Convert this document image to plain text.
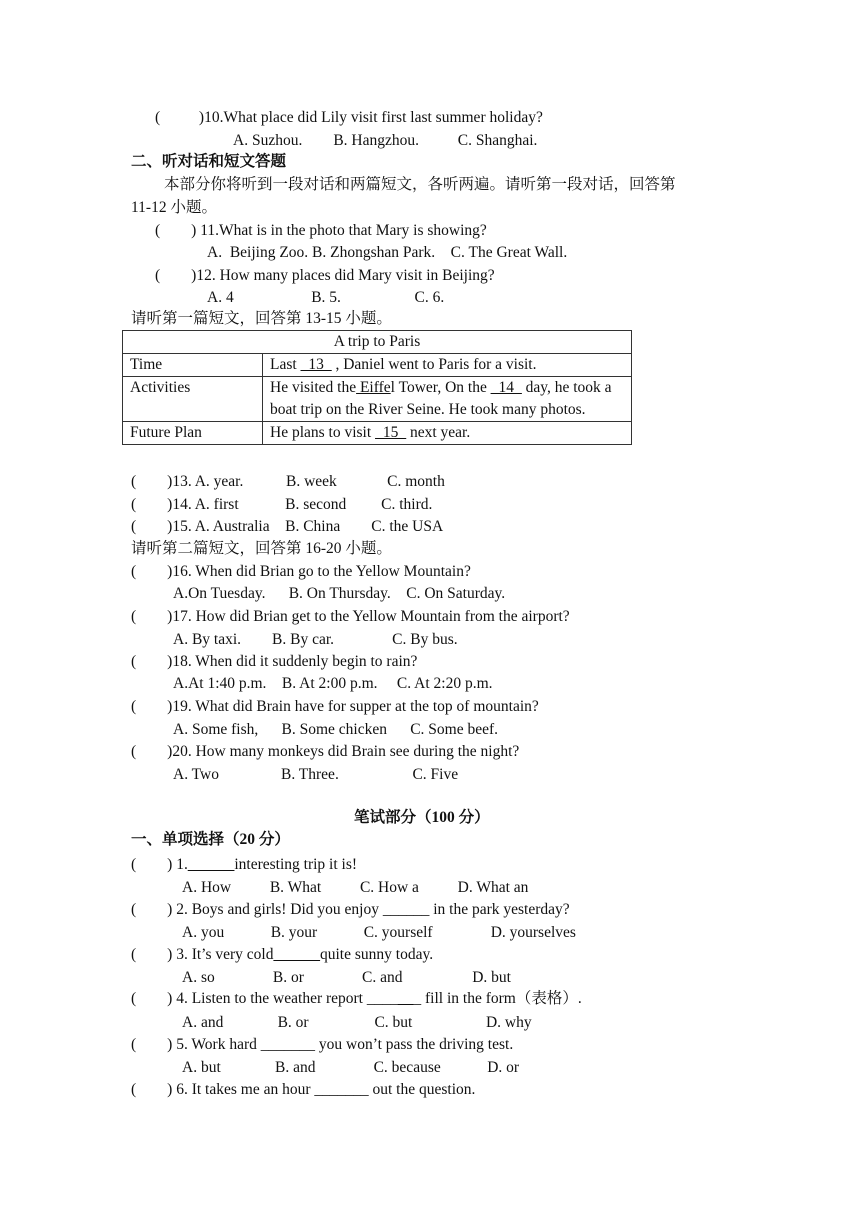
(          )10.What place did Lily visit first last summer holiday?
A. Suzhou.        B. Hangzhou.          C. Shanghai.
二、听对话和短文答题
本部分你将听到一段对话和两篇短文，各听两遍。请听第一段对话，回答第
11-12 小题。
(        ) 11.What is in the photo that Mary is showing?
A.  Beijing Zoo. B. Zhongshan Park.    C. The Great Wall.
(        )12. How many places did Mary visit in Beijing?
A. 4                    B. 5.                   C. 6.
请听第一篇短文，回答第 13-15 小题。
A trip to Paris	
Time	Last _13_ , Daniel went to Paris for a visit.
Activities	He visited the Eiffel Tower, On the _14_ day, he took a boat trip on the River Seine. He took many photos.
Future Plan	He plans to visit _15_ next year.
(        )13. A. year.           B. week             C. month
(        )14. A. first            B. second         C. third.
(        )15. A. Australia    B. China        C. the USA
请听第二篇短文，回答第 16-20 小题。
(        )16. When did Brian go to the Yellow Mountain?
A.On Tuesday.      B. On Thursday.    C. On Saturday.
(        )17. How did Brian get to the Yellow Mountain from the airport?
A. By taxi.        B. By car.               C. By bus.
(        )18. When did it suddenly begin to rain?
A.At 1:40 p.m.    B. At 2:00 p.m.     C. At 2:20 p.m.
(        )19. What did Brain have for supper at the top of mountain?
A. Some fish,      B. Some chicken      C. Some beef.
(        )20. How many monkeys did Brain see during the night?
A. Two                B. Three.                   C. Five
笔试部分（100 分）
一、单项选择（20 分）
(        ) 1.______interesting trip it is!
A. How          B. What          C. How a          D. What an
(        ) 2. Boys and girls! Did you enjoy ______ in the park yesterday?
A. you            B. your            C. yourself               D. yourselves
(        ) 3. It’s very cold______quite sunny today.
A. so               B. or               C. and                  D. but
(        ) 4. Listen to the weather report _______ fill in the form（表格）.
A. and              B. or                 C. but                   D. why
(        ) 5. Work hard _______ you won’t pass the driving test.
A. but              B. and               C. because            D. or
(        ) 6. It takes me an hour _______ out the question.
